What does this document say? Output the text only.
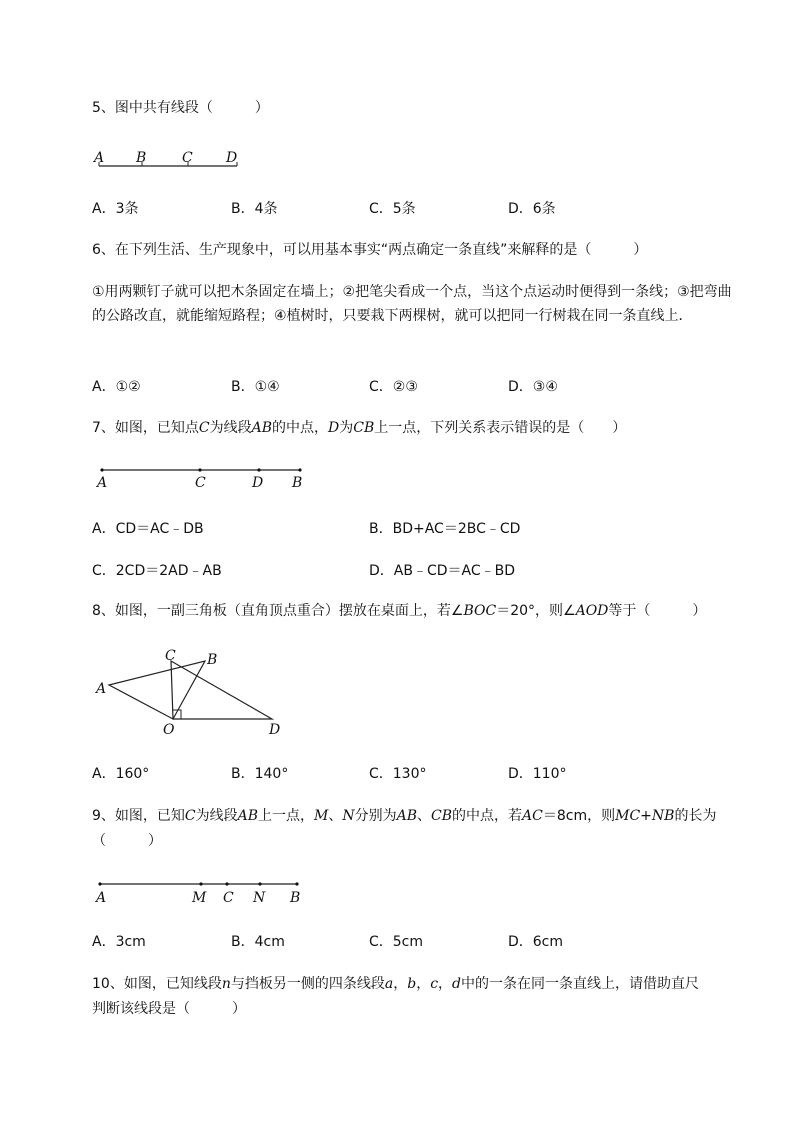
5、图中共有线段（　　　）
A B	C D
A．3条	B．4条	C．5条	D．6条
6、在下列生活、生产现象中，可以用基本事实“两点确定一条直线”来解释的是（　　　）
①用两颗钉子就可以把木条固定在墙上；②把笔尖看成一个点，当这个点运动时便得到一条线；③把弯曲的公路改直，就能缩短路程；④植树时，只要栽下两棵树，就可以把同一行树栽在同一条直线上．
A．①②	B．①④	C．②③	D．③④
7、如图，已知点C为线段AB的中点，D为CB上一点，下列关系表示错误的是（　　）
A	C	D B
A．CD＝AC﹣DB	B．BD+AC＝2BC﹣CD
C．2CD＝2AD﹣AB	D．AB﹣CD＝AC﹣BD
8、如图，一副三角板（直角顶点重合）摆放在桌面上，若∠BOC＝20°，则∠AOD等于（　　　）
C B
A
O	D
A．160°	B．140°	C．130°	D．110°
9、如图，已知C为线段AB上一点，M、N分别为AB、CB的中点，若AC＝8cm，则MC+NB的长为
（　　　）
A	M C N B
A．3cm	B．4cm	C．5cm	D．6cm
10、如图，已知线段n与挡板另一侧的四条线段a，b，c，d中的一条在同一条直线上，请借助直尺
判断该线段是（　　　）
